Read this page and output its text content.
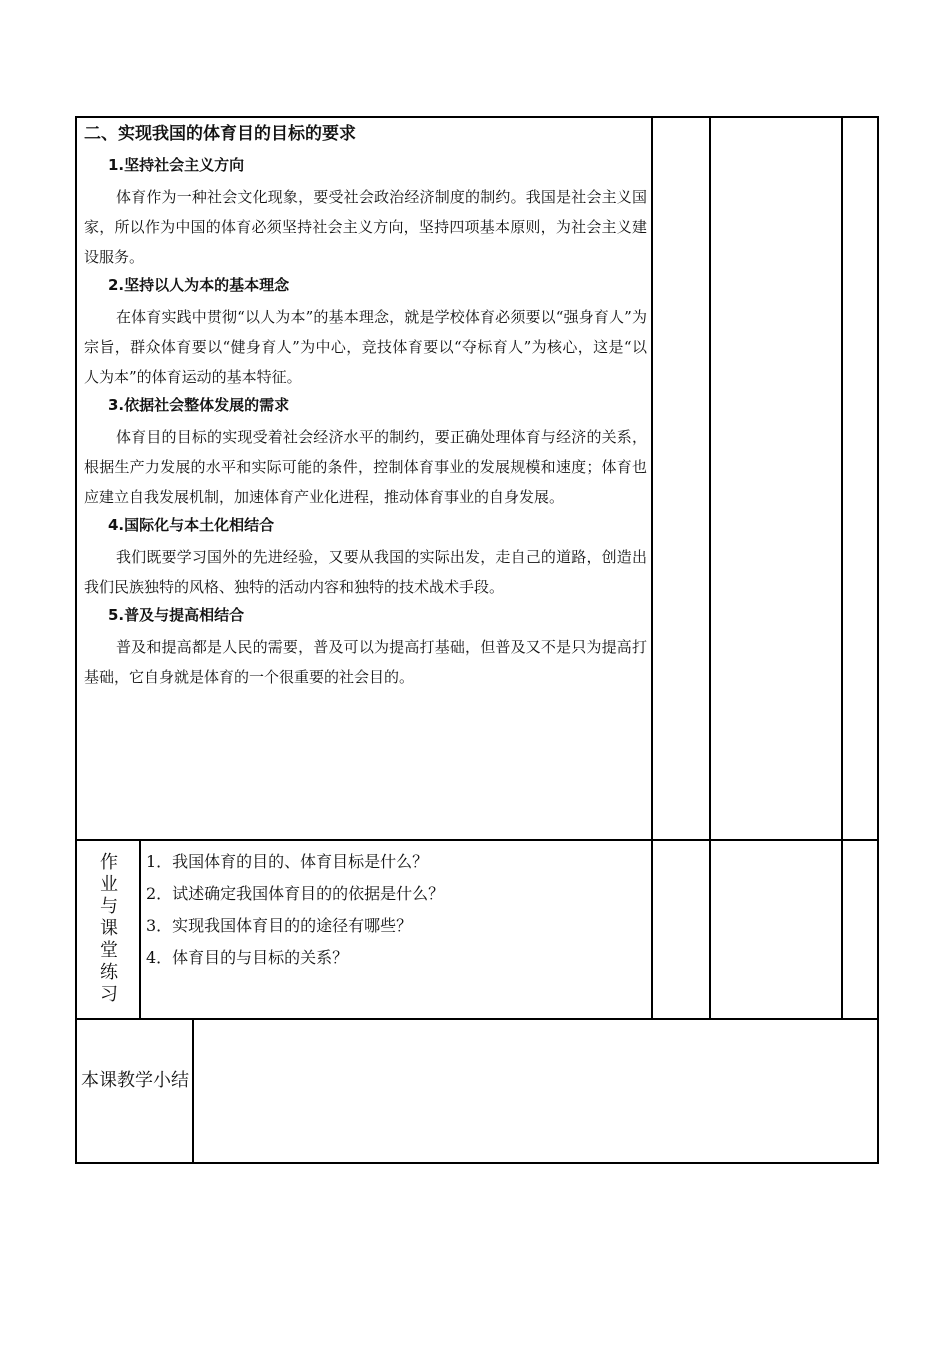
二、实现我国的体育目的目标的要求
1.坚持社会主义方向
体育作为一种社会文化现象，要受社会政治经济制度的制约。我国是社会主义国家，所以作为中国的体育必须坚持社会主义方向，坚持四项基本原则，为社会主义建设服务。
2.坚持以人为本的基本理念
在体育实践中贯彻“以人为本”的基本理念，就是学校体育必须要以“强身育人”为宗旨，群众体育要以“健身育人”为中心，竞技体育要以“夺标育人”为核心，这是“以人为本”的体育运动的基本特征。
3.依据社会整体发展的需求
体育目的目标的实现受着社会经济水平的制约，要正确处理体育与经济的关系，根据生产力发展的水平和实际可能的条件，控制体育事业的发展规模和速度；体育也应建立自我发展机制，加速体育产业化进程，推动体育事业的自身发展。
4.国际化与本土化相结合
我们既要学习国外的先进经验，又要从我国的实际出发，走自己的道路，创造出我们民族独特的风格、独特的活动内容和独特的技术战术手段。
5.普及与提高相结合
普及和提高都是人民的需要，普及可以为提高打基础，但普及又不是只为提高打基础，它自身就是体育的一个很重要的社会目的。
作
业
与
课
堂
练
习
1．我国体育的目的、体育目标是什么？
2．试述确定我国体育目的的依据是什么？
3．实现我国体育目的的途径有哪些？
4．体育目的与目标的关系？
本课教学小结
